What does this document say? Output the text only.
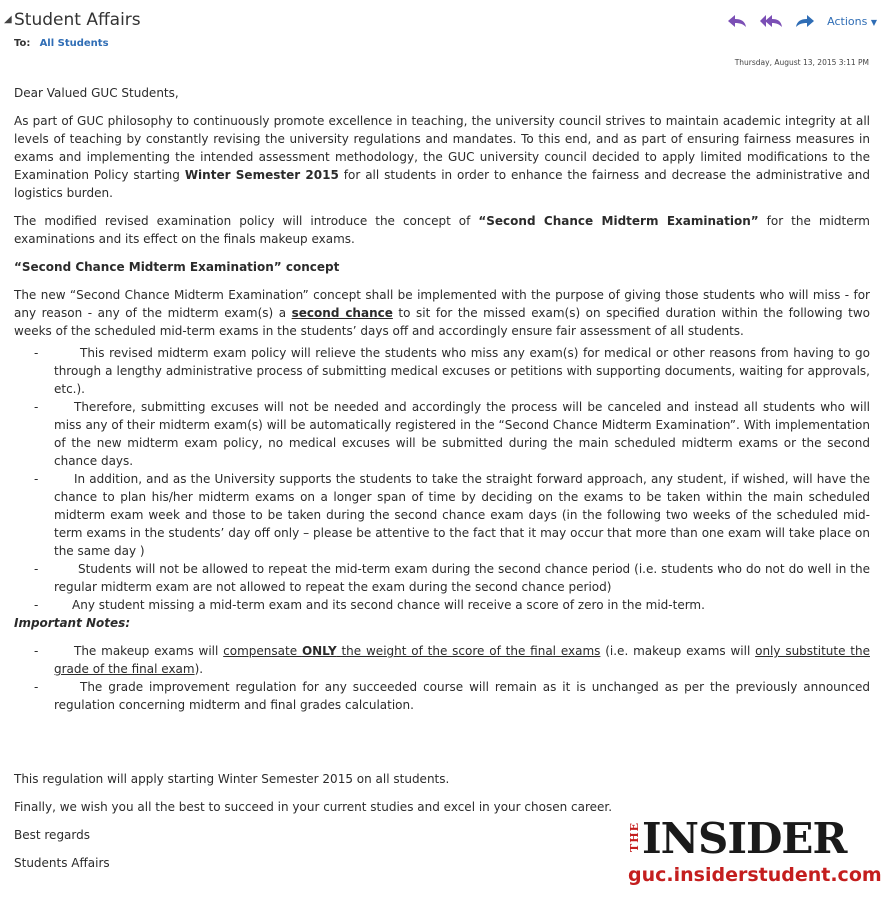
◢ Student Affairs
To: All Students
Actions ▼
Thursday, August 13, 2015 3:11 PM

Dear Valued GUC Students,

As part of GUC philosophy to continuously promote excellence in teaching, the university council strives to maintain academic integrity at all levels of teaching by constantly revising the university regulations and mandates. To this end, and as part of ensuring fairness measures in exams and implementing the intended assessment methodology, the GUC university council decided to apply limited modifications to the Examination Policy starting Winter Semester 2015 for all students in order to enhance the fairness and decrease the administrative and logistics burden.

The modified revised examination policy will introduce the concept of “Second Chance Midterm Examination” for the midterm examinations and its effect on the finals makeup exams.

“Second Chance Midterm Examination” concept

The new “Second Chance Midterm Examination” concept shall be implemented with the purpose of giving those students who will miss - for any reason - any of the midterm exam(s) a second chance to sit for the missed exam(s) on specified duration within the following two weeks of the scheduled mid-term exams in the students’ days off and accordingly ensure fair assessment of all students.

-	This revised midterm exam policy will relieve the students who miss any exam(s) for medical or other reasons from having to go through a lengthy administrative process of submitting medical excuses or petitions with supporting documents, waiting for approvals, etc.).
-	Therefore, submitting excuses will not be needed and accordingly the process will be canceled and instead all students who will miss any of their midterm exam(s) will be automatically registered in the “Second Chance Midterm Examination”. With implementation of the new midterm exam policy, no medical excuses will be submitted during the main scheduled midterm exams or the second chance days.
-	In addition, and as the University supports the students to take the straight forward approach, any student, if wished, will have the chance to plan his/her midterm exams on a longer span of time by deciding on the exams to be taken within the main scheduled midterm exam week and those to be taken during the second chance exam days (in the following two weeks of the scheduled mid-term exams in the students’ day off only – please be attentive to the fact that it may occur that more than one exam will take place on the same day )
-	Students will not be allowed to repeat the mid-term exam during the second chance period (i.e. students who do not do well in the regular midterm exam are not allowed to repeat the exam during the second chance period)
-	Any student missing a mid-term exam and its second chance will receive a score of zero in the mid-term.

Important Notes:

-	The makeup exams will compensate ONLY the weight of the score of the final exams (i.e. makeup exams will only substitute the grade of the final exam).
-	The grade improvement regulation for any succeeded course will remain as it is unchanged as per the previously announced regulation concerning midterm and final grades calculation.
This regulation will apply starting Winter Semester 2015 on all students.
Finally, we wish you all the best to succeed in your current studies and excel in your chosen career.
Best regards
Students Affairs
THE INSIDER
guc.insiderstudent.com
